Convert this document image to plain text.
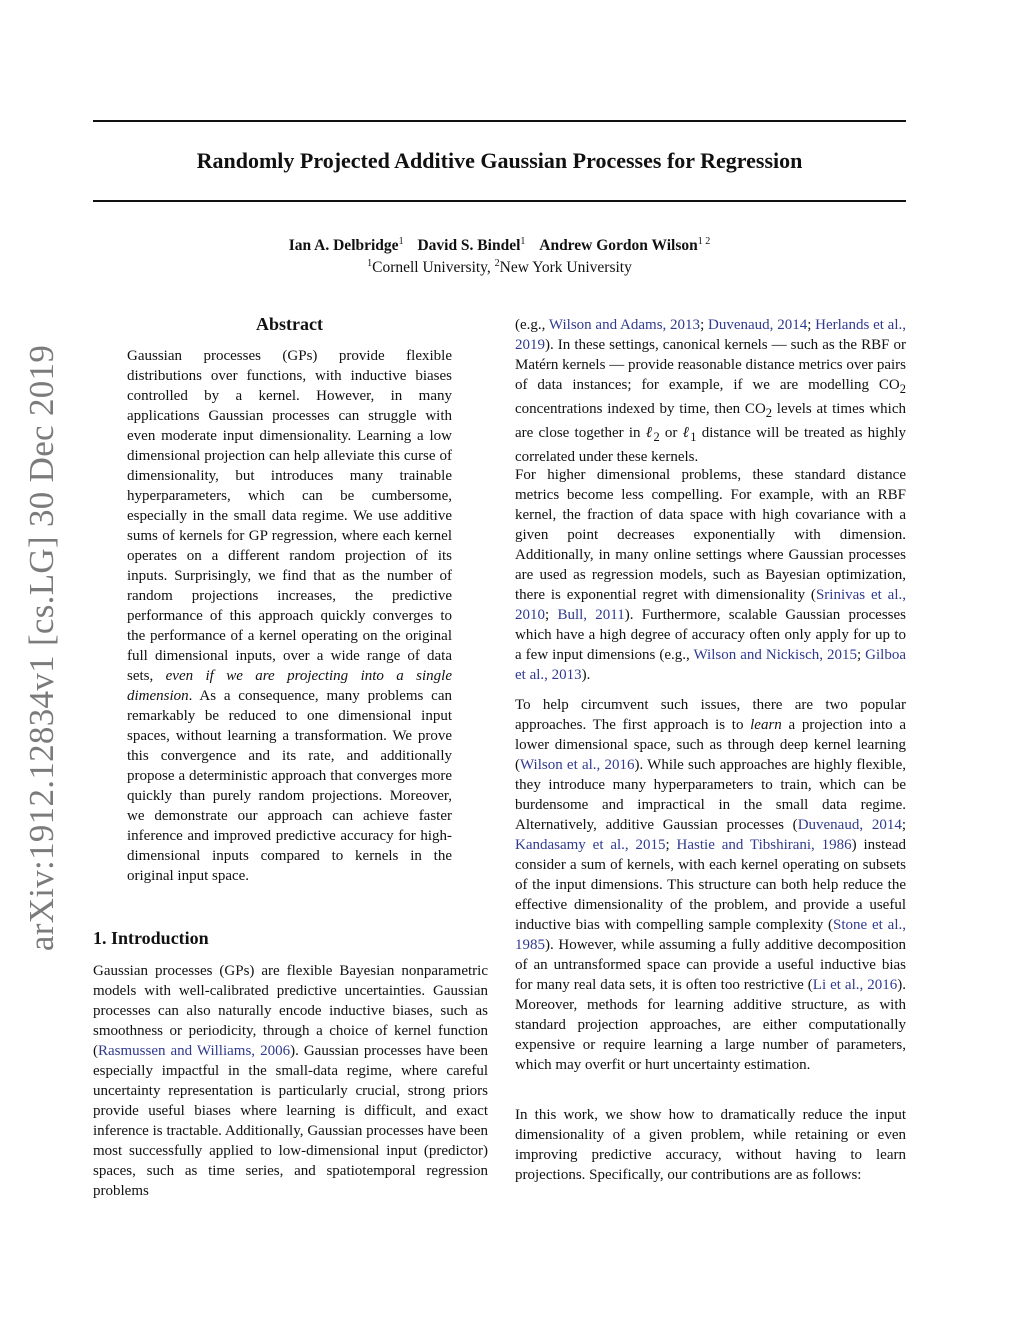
Randomly Projected Additive Gaussian Processes for Regression
Ian A. Delbridge$^1$ David S. Bindel$^1$ Andrew Gordon Wilson$^{1 2}$
$^1$Cornell University, $^2$New York University
arXiv:1912.12834v1 [cs.LG] 30 Dec 2019
Abstract

Gaussian processes (GPs) provide flexible distributions over functions, with inductive biases controlled by a kernel. However, in many applications Gaussian processes can struggle with even moderate input dimensionality. Learning a low dimensional projection can help alleviate this curse of dimensionality, but introduces many trainable hyperparameters, which can be cumbersome, especially in the small data regime. We use additive sums of kernels for GP regression, where each kernel operates on a different random projection of its inputs. Surprisingly, we find that as the number of random projections increases, the predictive performance of this approach quickly converges to the performance of a kernel operating on the original full dimensional inputs, over a wide range of data sets, even if we are projecting into a single dimension. As a consequence, many problems can remarkably be reduced to one dimensional input spaces, without learning a transformation. We prove this convergence and its rate, and additionally propose a deterministic approach that converges more quickly than purely random projections. Moreover, we demonstrate our approach can achieve faster inference and improved predictive accuracy for high-dimensional inputs compared to kernels in the original input space.

1. Introduction

Gaussian processes (GPs) are flexible Bayesian nonparametric models with well-calibrated predictive uncertainties. Gaussian processes can also naturally encode inductive biases, such as smoothness or periodicity, through a choice of kernel function (Rasmussen and Williams, 2006). Gaussian processes have been especially impactful in the small-data regime, where careful uncertainty representation is particularly crucial, strong priors provide useful biases where learning is difficult, and exact inference is tractable. Additionally, Gaussian processes have been most successfully applied to low-dimensional input (predictor) spaces, such as time series, and spatiotemporal regression problems

(e.g., Wilson and Adams, 2013; Duvenaud, 2014; Herlands et al., 2019). In these settings, canonical kernels — such as the RBF or Matérn kernels — provide reasonable distance metrics over pairs of data instances; for example, if we are modelling $CO_2$ concentrations indexed by time, then $CO_2$ levels at times which are close together in ℓ$_2$ or ℓ$_1$ distance will be treated as highly correlated under these kernels.

For higher dimensional problems, these standard distance metrics become less compelling. For example, with an RBF kernel, the fraction of data space with high covariance with a given point decreases exponentially with dimension. Additionally, in many online settings where Gaussian processes are used as regression models, such as Bayesian optimization, there is exponential regret with dimensionality (Srinivas et al., 2010; Bull, 2011). Furthermore, scalable Gaussian processes which have a high degree of accuracy often only apply for up to a few input dimensions (e.g., Wilson and Nickisch, 2015; Gilboa et al., 2013).

To help circumvent such issues, there are two popular approaches. The first approach is to learn a projection into a lower dimensional space, such as through deep kernel learning (Wilson et al., 2016). While such approaches are highly flexible, they introduce many hyperparameters to train, which can be burdensome and impractical in the small data regime. Alternatively, additive Gaussian processes (Duvenaud, 2014; Kandasamy et al., 2015; Hastie and Tibshirani, 1986) instead consider a sum of kernels, with each kernel operating on subsets of the input dimensions. This structure can both help reduce the effective dimensionality of the problem, and provide a useful inductive bias with compelling sample complexity (Stone et al., 1985). However, while assuming a fully additive decomposition of an untransformed space can provide a useful inductive bias for many real data sets, it is often too restrictive (Li et al., 2016). Moreover, methods for learning additive structure, as with standard projection approaches, are either computationally expensive or require learning a large number of parameters, which may overfit or hurt uncertainty estimation.

In this work, we show how to dramatically reduce the input dimensionality of a given problem, while retaining or even improving predictive accuracy, without having to learn projections. Specifically, our contributions are as follows:
